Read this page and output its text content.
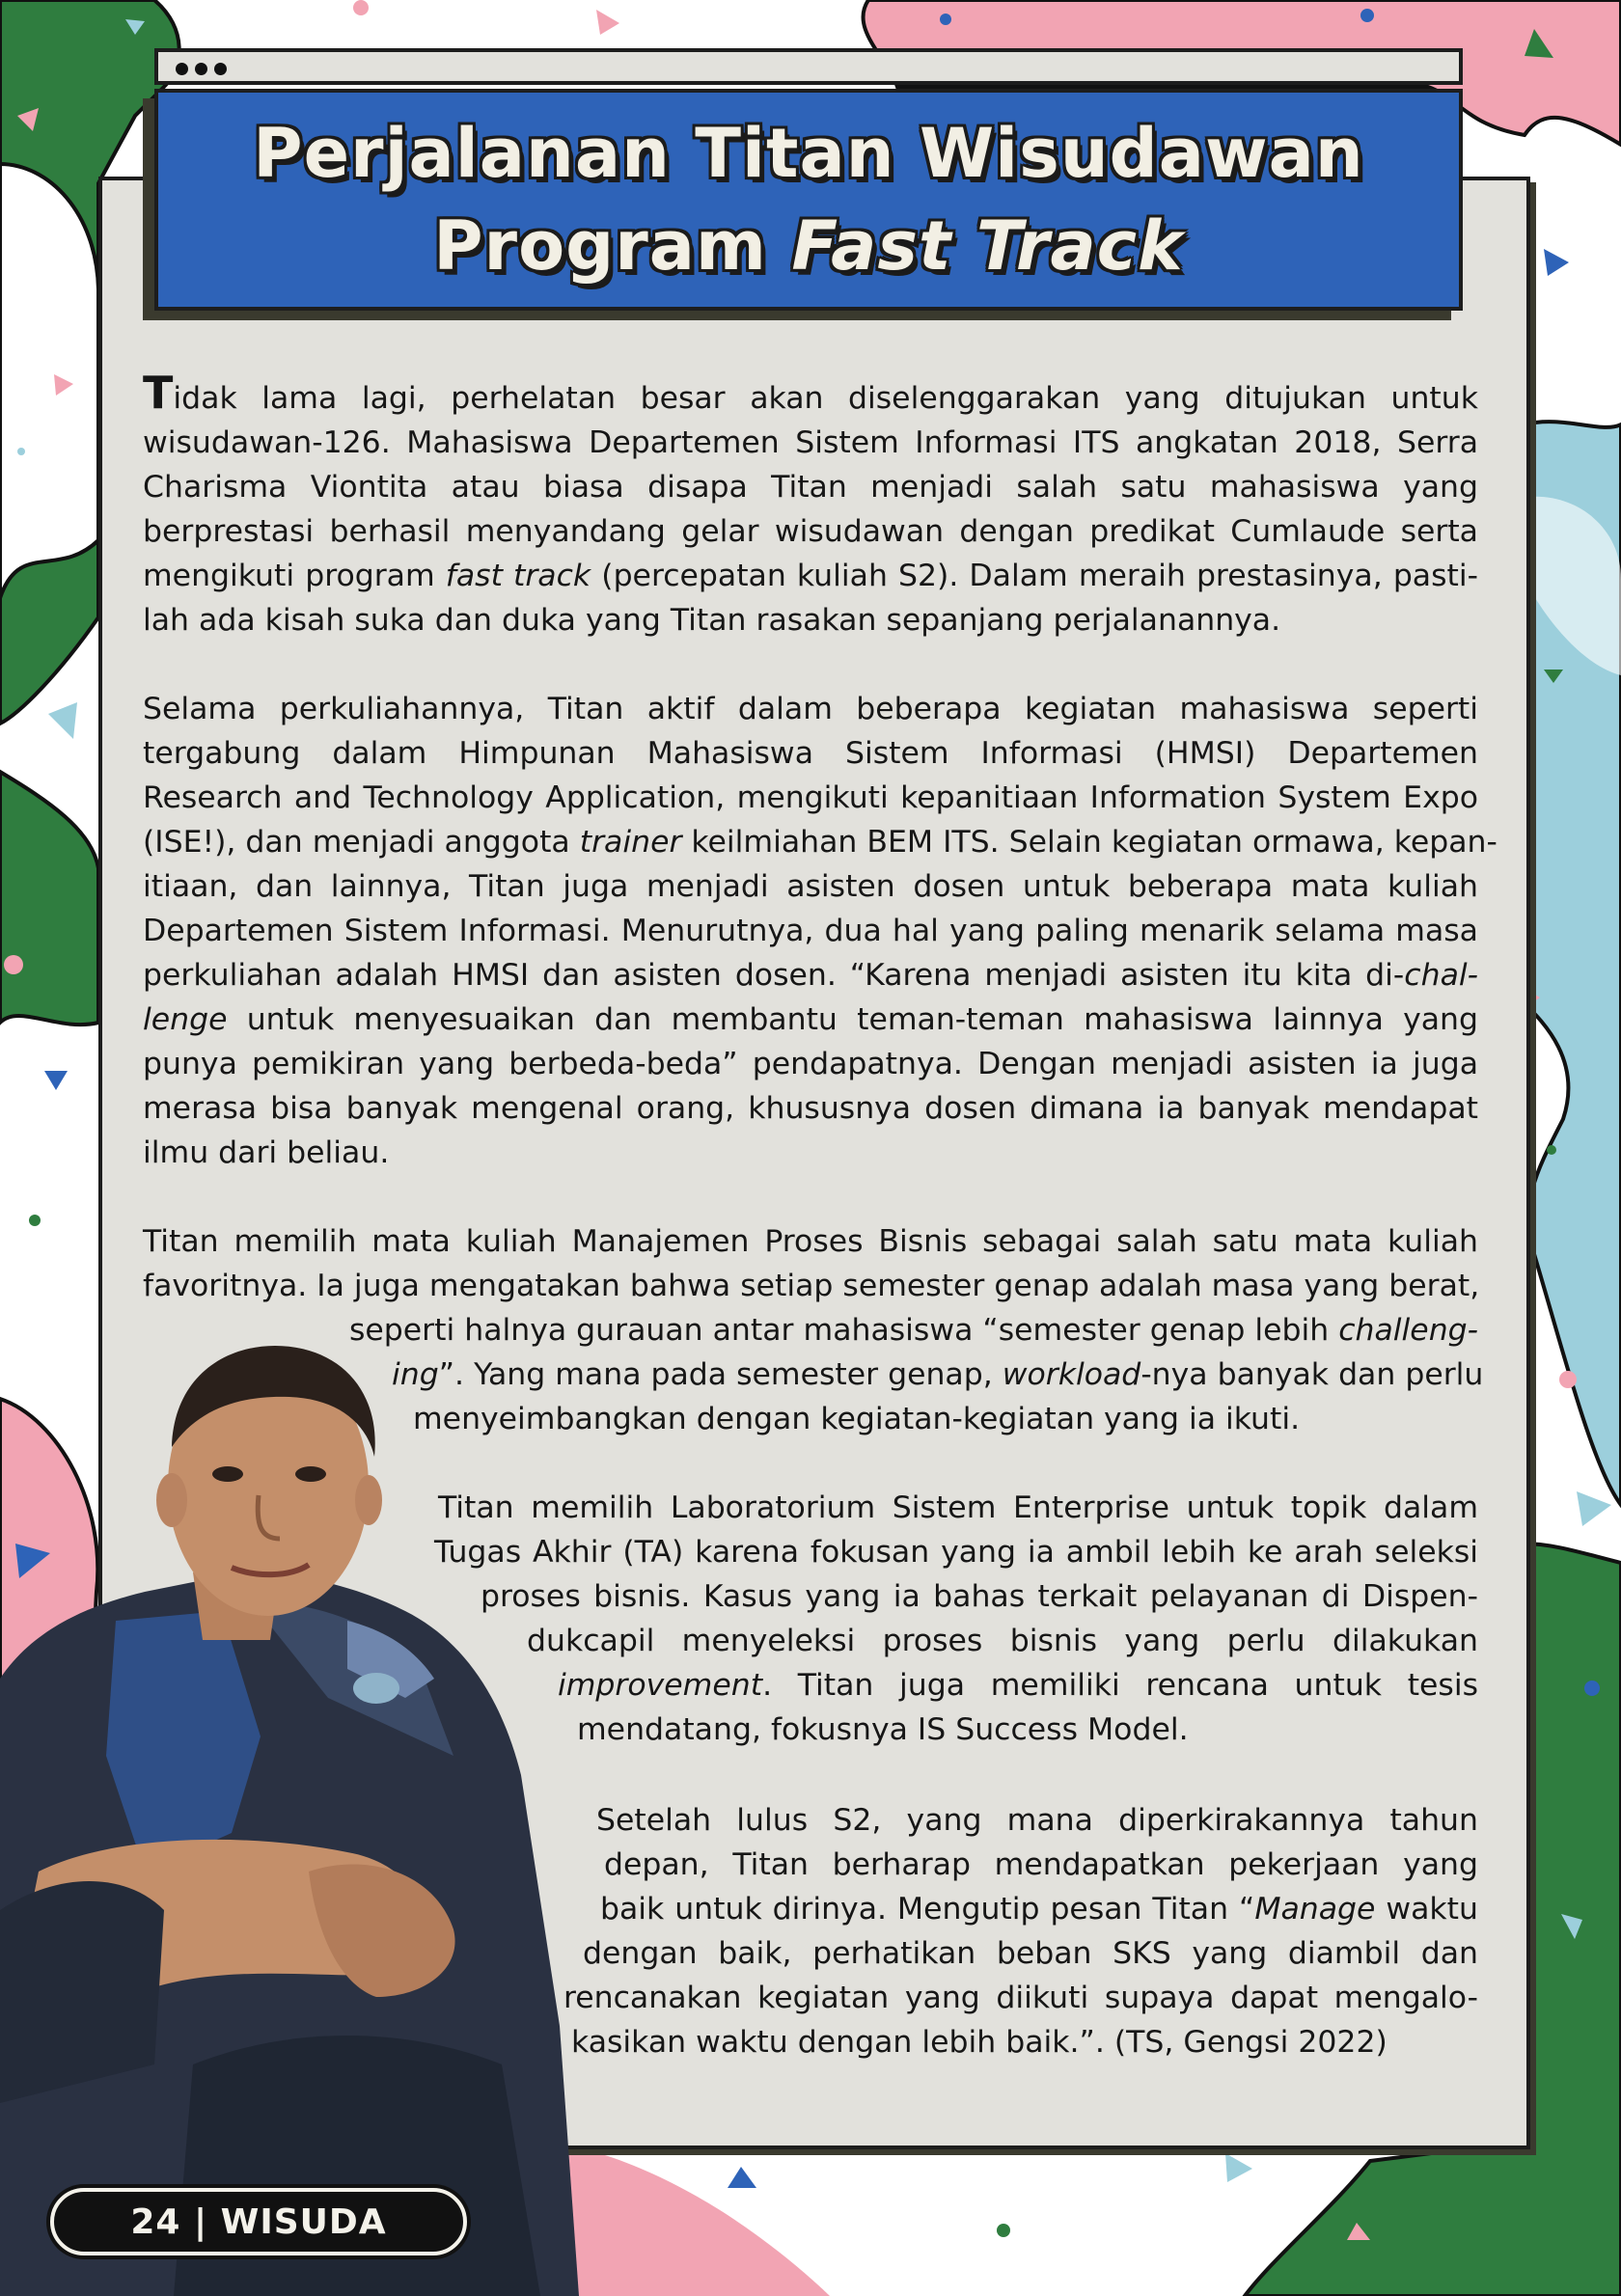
Perjalanan Titan Wisudawan
Program Fast Track

Tidak lama lagi, perhelatan besar akan diselenggarakan yang ditujukan untuk

wisudawan-126. Mahasiswa Departemen Sistem Informasi ITS angkatan 2018, Serra

Charisma Viontita atau biasa disapa Titan menjadi salah satu mahasiswa yang

berprestasi berhasil menyandang gelar wisudawan dengan predikat Cumlaude serta

mengikuti program fast track (percepatan kuliah S2). Dalam meraih prestasinya, pasti-

lah ada kisah suka dan duka yang Titan rasakan sepanjang perjalanannya.

Selama perkuliahannya, Titan aktif dalam beberapa kegiatan mahasiswa seperti

tergabung dalam Himpunan Mahasiswa Sistem Informasi (HMSI) Departemen

Research and Technology Application, mengikuti kepanitiaan Information System Expo

(ISE!), dan menjadi anggota trainer keilmiahan BEM ITS. Selain kegiatan ormawa, kepan-

itiaan, dan lainnya, Titan juga menjadi asisten dosen untuk beberapa mata kuliah

Departemen Sistem Informasi. Menurutnya, dua hal yang paling menarik selama masa

perkuliahan adalah HMSI dan asisten dosen. “Karena menjadi asisten itu kita di-chal-

lenge untuk menyesuaikan dan membantu teman-teman mahasiswa lainnya yang

punya pemikiran yang berbeda-beda” pendapatnya. Dengan menjadi asisten ia juga

merasa bisa banyak mengenal orang, khususnya dosen dimana ia banyak mendapat

ilmu dari beliau.

Titan memilih mata kuliah Manajemen Proses Bisnis sebagai salah satu mata kuliah

favoritnya. Ia juga mengatakan bahwa setiap semester genap adalah masa yang berat,

seperti halnya gurauan antar mahasiswa “semester genap lebih challeng-

ing”. Yang mana pada semester genap, workload-nya banyak dan perlu

menyeimbangkan dengan kegiatan-kegiatan yang ia ikuti.

Titan memilih Laboratorium Sistem Enterprise untuk topik dalam

Tugas Akhir (TA) karena fokusan yang ia ambil lebih ke arah seleksi

proses bisnis. Kasus yang ia bahas terkait pelayanan di Dispen-

dukcapil menyeleksi proses bisnis yang perlu dilakukan

improvement. Titan juga memiliki rencana untuk tesis

mendatang, fokusnya IS Success Model.

Setelah lulus S2, yang mana diperkirakannya tahun

depan, Titan berharap mendapatkan pekerjaan yang

baik untuk dirinya. Mengutip pesan Titan “Manage waktu

dengan baik, perhatikan beban SKS yang diambil dan

rencanakan kegiatan yang diikuti supaya dapat mengalo-

kasikan waktu dengan lebih baik.”. (TS, Gengsi 2022)

24 | WISUDA
